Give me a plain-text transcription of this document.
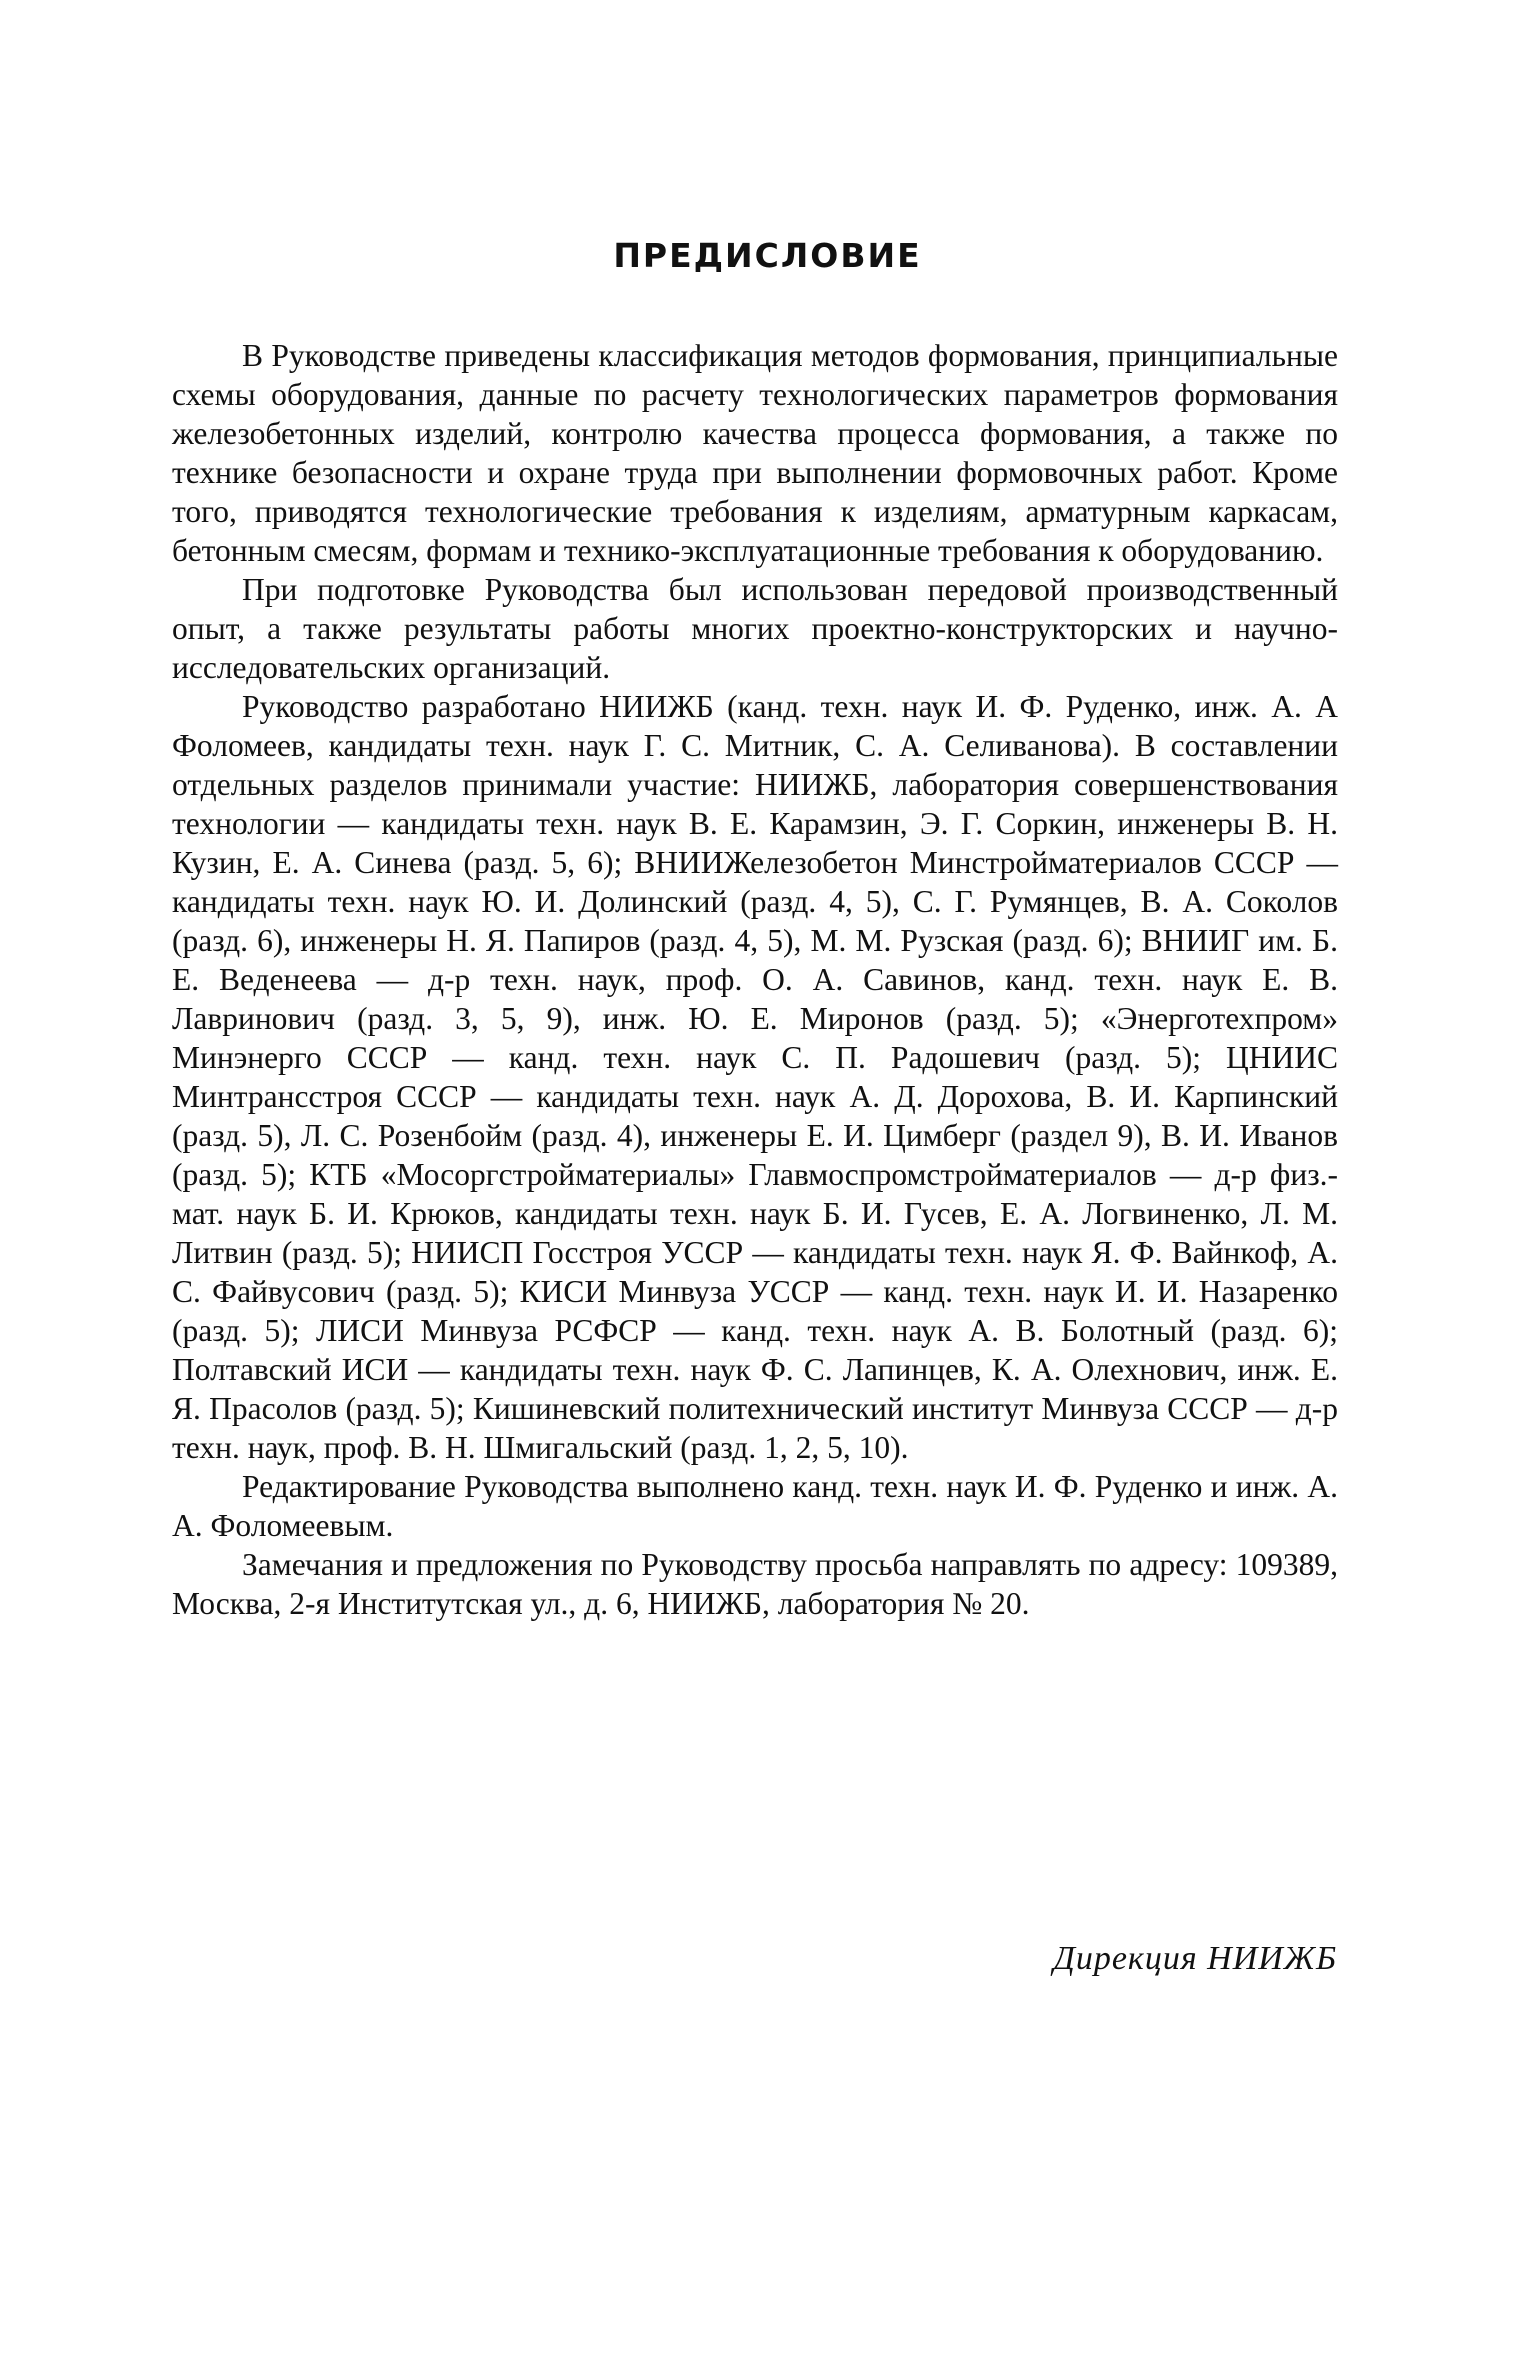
ПРЕДИСЛОВИЕ

В Руководстве приведены классификация методов формования, принципиальные схемы оборудования, данные по расчету технологических параметров формования железобетонных изделий, контролю качества процесса формования, а также по технике безопасности и охране труда при выполнении формовочных работ. Кроме того, приводятся технологические требования к изделиям, арматурным каркасам, бетонным смесям, формам и технико-эксплуатационные требования к оборудованию.

При подготовке Руководства был использован передовой производственный опыт, а также результаты работы многих проектно-конструкторских и научно-исследовательских организаций.

Руководство разработано НИИЖБ (канд. техн. наук И. Ф. Руденко, инж. А. А Фоломеев, кандидаты техн. наук Г. С. Митник, С. А. Селиванова). В составлении отдельных разделов принимали участие: НИИЖБ, лаборатория совершенствования технологии — кандидаты техн. наук В. Е. Карамзин, Э. Г. Соркин, инженеры В. Н. Кузин, Е. А. Синева (разд. 5, 6); ВНИИЖелезобетон Минстройматериалов СССР — кандидаты техн. наук Ю. И. Долинский (разд. 4, 5), С. Г. Румянцев, В. А. Соколов (разд. 6), инженеры Н. Я. Папиров (разд. 4, 5), М. М. Рузская (разд. 6); ВНИИГ им. Б. Е. Веденеева — д-р техн. наук, проф. О. А. Савинов, канд. техн. наук Е. В. Лавринович (разд. 3, 5, 9), инж. Ю. Е. Миронов (разд. 5); «Энерготехпром» Минэнерго СССР — канд. техн. наук С. П. Радошевич (разд. 5); ЦНИИС Минтрансстроя СССР — кандидаты техн. наук А. Д. Дорохова, В. И. Карпинский (разд. 5), Л. С. Розенбойм (разд. 4), инженеры Е. И. Цимберг (раздел 9), В. И. Иванов (разд. 5); КТБ «Мосоргстройматериалы» Главмоспромстройматериалов — д-р физ.-мат. наук Б. И. Крюков, кандидаты техн. наук Б. И. Гусев, Е. А. Логвиненко, Л. М. Литвин (разд. 5); НИИСП Госстроя УССР — кандидаты техн. наук Я. Ф. Вайнкоф, А. С. Файвусович (разд. 5); КИСИ Минвуза УССР — канд. техн. наук И. И. Назаренко (разд. 5); ЛИСИ Минвуза РСФСР — канд. техн. наук А. В. Болотный (разд. 6); Полтавский ИСИ — кандидаты техн. наук Ф. С. Лапинцев, К. А. Олехнович, инж. Е. Я. Прасолов (разд. 5); Кишиневский политехнический институт Минвуза СССР — д-р техн. наук, проф. В. Н. Шмигальский (разд. 1, 2, 5, 10).

Редактирование Руководства выполнено канд. техн. наук И. Ф. Руденко и инж. А. А. Фоломеевым.

Замечания и предложения по Руководству просьба направлять по адресу: 109389, Москва, 2-я Институтская ул., д. 6, НИИЖБ, лаборатория № 20.

Дирекция НИИЖБ
